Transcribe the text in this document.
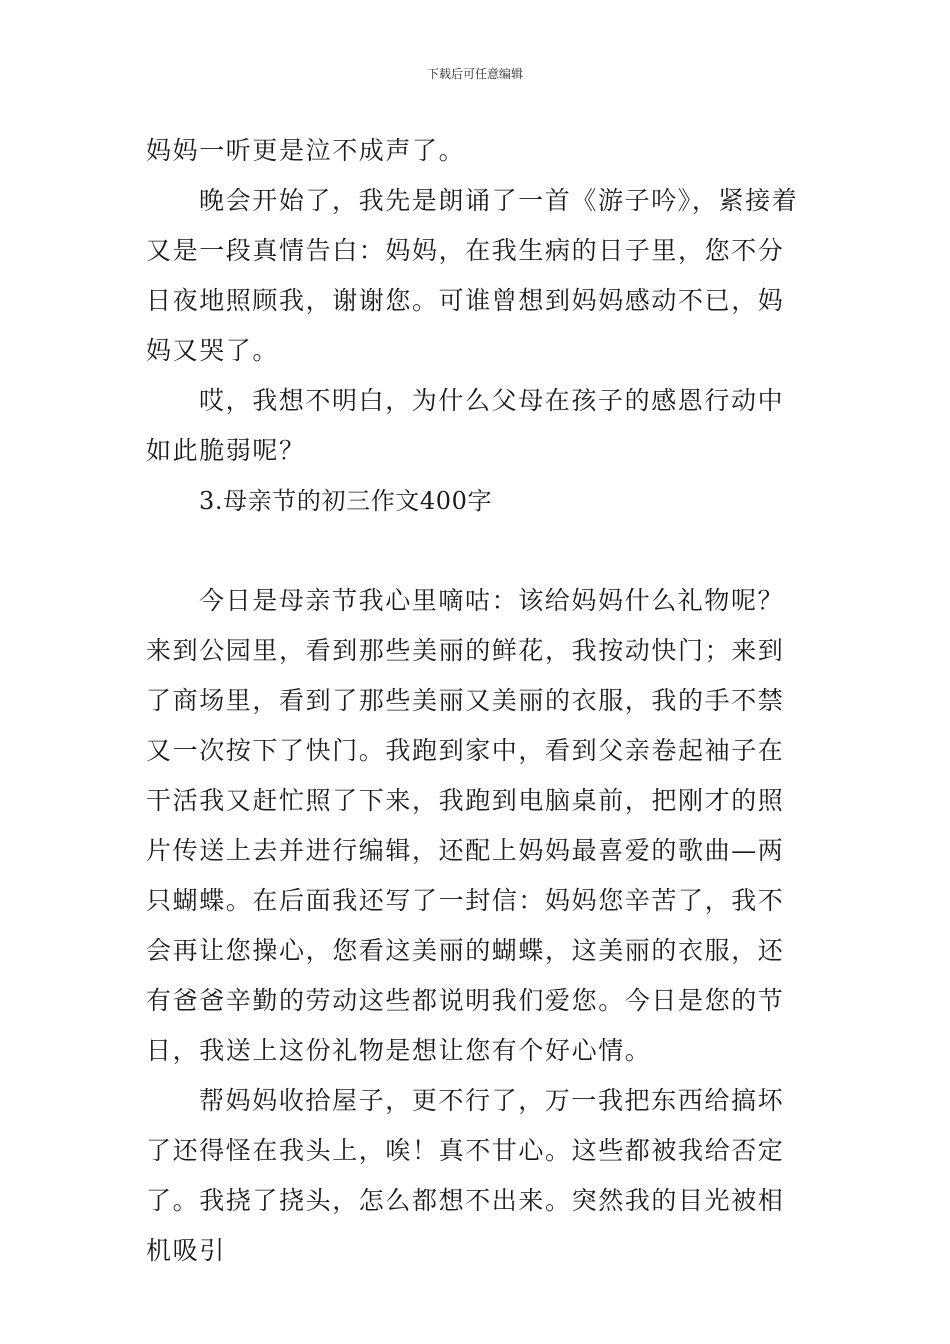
下载后可任意编辑

妈妈一听更是泣不成声了。

晚会开始了，我先是朗诵了一首《游子吟》，紧接着又是一段真情告白：妈妈，在我生病的日子里，您不分日夜地照顾我，谢谢您。可谁曾想到妈妈感动不已，妈妈又哭了。

哎，我想不明白，为什么父母在孩子的感恩行动中如此脆弱呢？

3.母亲节的初三作文400字

今日是母亲节我心里嘀咕：该给妈妈什么礼物呢？来到公园里，看到那些美丽的鲜花，我按动快门；来到了商场里，看到了那些美丽又美丽的衣服，我的手不禁又一次按下了快门。我跑到家中，看到父亲卷起袖子在干活我又赶忙照了下来，我跑到电脑桌前，把刚才的照片传送上去并进行编辑，还配上妈妈最喜爱的歌曲—两只蝴蝶。在后面我还写了一封信：妈妈您辛苦了，我不会再让您操心，您看这美丽的蝴蝶，这美丽的衣服，还有爸爸辛勤的劳动这些都说明我们爱您。今日是您的节日，我送上这份礼物是想让您有个好心情。

帮妈妈收拾屋子，更不行了，万一我把东西给搞坏了还得怪在我头上，唉！真不甘心。这些都被我给否定了。我挠了挠头，怎么都想不出来。突然我的目光被相机吸引
